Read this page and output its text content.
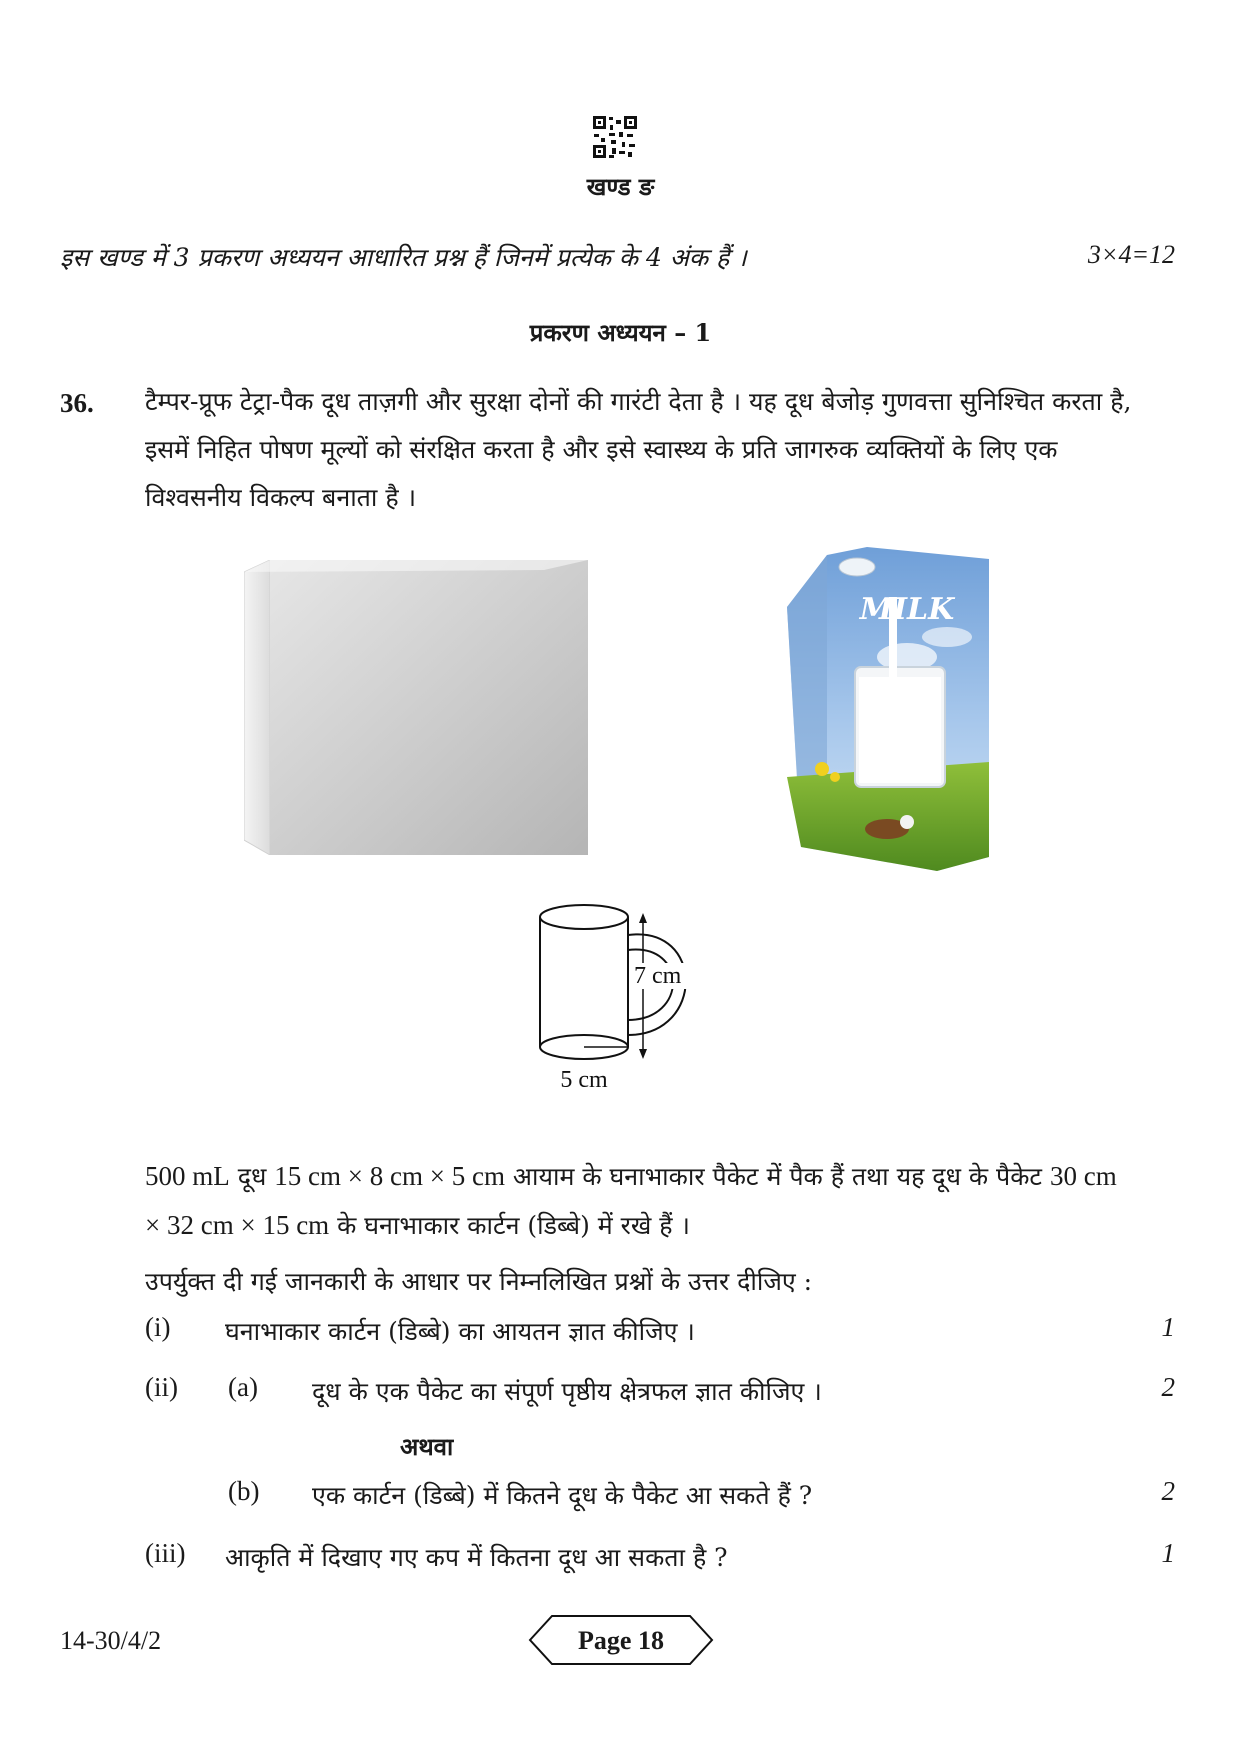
खण्ड ङ
इस खण्ड में 3 प्रकरण अध्ययन आधारित प्रश्न हैं जिनमें प्रत्येक के 4 अंक हैं ।	3×4=12
प्रकरण अध्ययन – 1
36. टैम्पर-प्रूफ टेट्रा-पैक दूध ताज़गी और सुरक्षा दोनों की गारंटी देता है । यह दूध बेजोड़ गुणवत्ता सुनिश्चित करता है, इसमें निहित पोषण मूल्यों को संरक्षित करता है और इसे स्वास्थ्य के प्रति जागरुक व्यक्तियों के लिए एक विश्वसनीय विकल्प बनाता है ।
MILK
7 cm
5 cm
500 mL दूध 15 cm × 8 cm × 5 cm आयाम के घनाभाकार पैकेट में पैक हैं तथा यह दूध के पैकेट 30 cm × 32 cm × 15 cm के घनाभाकार कार्टन (डिब्बे) में रखे हैं ।
उपर्युक्त दी गई जानकारी के आधार पर निम्नलिखित प्रश्नों के उत्तर दीजिए :
(i) घनाभाकार कार्टन (डिब्बे) का आयतन ज्ञात कीजिए ।	1
(ii) (a) दूध के एक पैकेट का संपूर्ण पृष्ठीय क्षेत्रफल ज्ञात कीजिए ।	2
अथवा
(b) एक कार्टन (डिब्बे) में कितने दूध के पैकेट आ सकते हैं ?	2
(iii) आकृति में दिखाए गए कप में कितना दूध आ सकता है ?	1
14-30/4/2	Page 18
